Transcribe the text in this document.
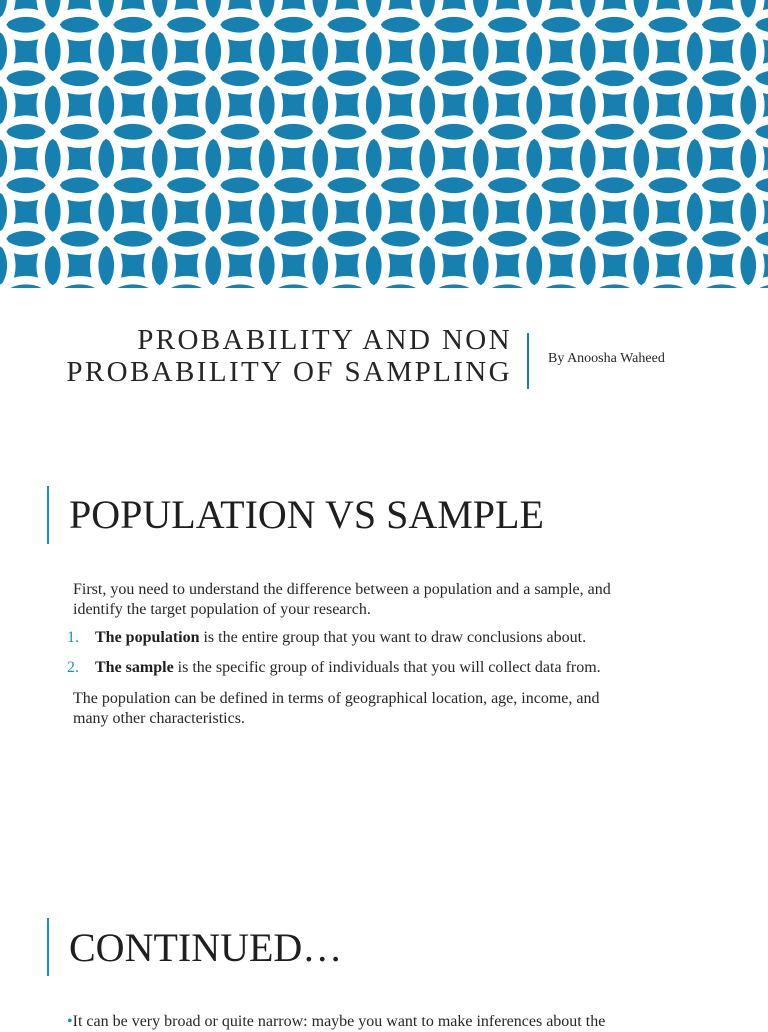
PROBABILITY AND NON
PROBABILITY OF SAMPLING	By Anoosha Waheed
POPULATION VS SAMPLE
First, you need to understand the difference between a population and a sample, and
identify the target population of your research.
1. The population is the entire group that you want to draw conclusions about.
2. The sample is the specific group of individuals that you will collect data from.
The population can be defined in terms of geographical location, age, income, and
many other characteristics.
CONTINUED…
•It can be very broad or quite narrow: maybe you want to make inferences about the
